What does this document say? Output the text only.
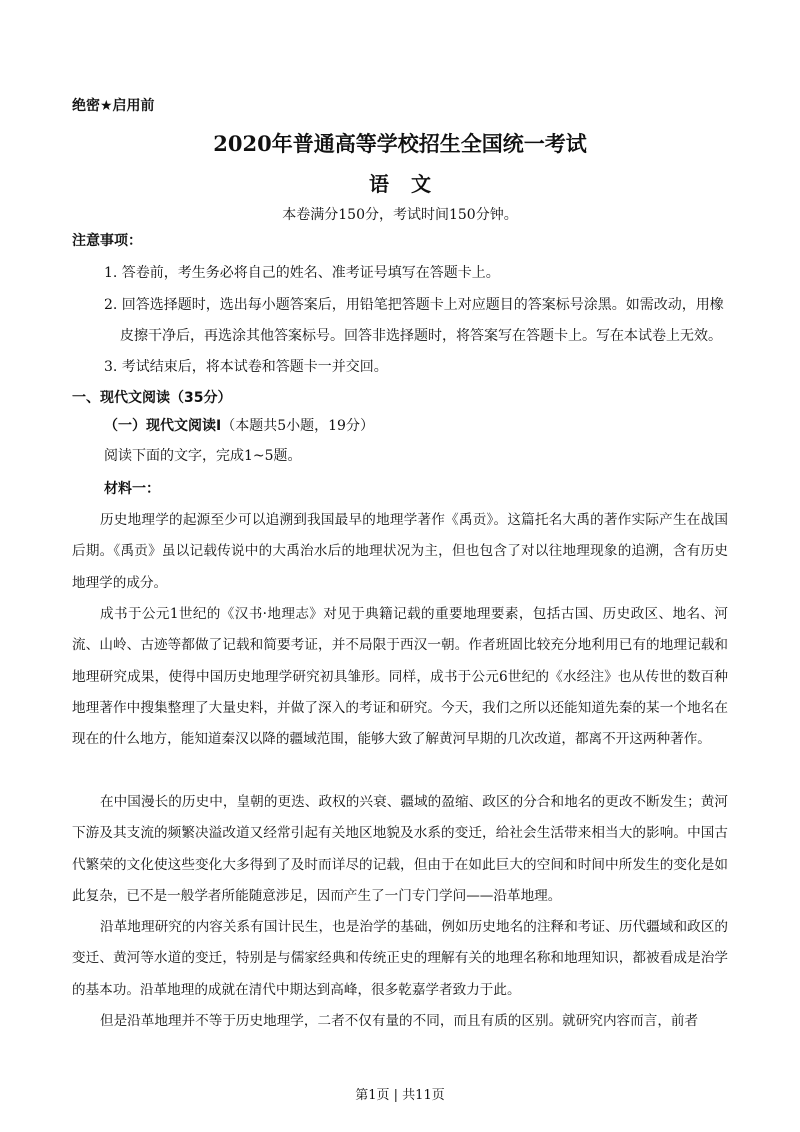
绝密★启用前
2020年普通高等学校招生全国统一考试
语文
本卷满分150分，考试时间150分钟。
注意事项：
1. 答卷前，考生务必将自己的姓名、准考证号填写在答题卡上。
2. 回答选择题时，选出每小题答案后，用铅笔把答题卡上对应题目的答案标号涂黑。如需改动，用橡
皮擦干净后，再选涂其他答案标号。回答非选择题时，将答案写在答题卡上。写在本试卷上无效。
3. 考试结束后，将本试卷和答题卡一并交回。
一、现代文阅读（35分）
（一）现代文阅读Ⅰ（本题共5小题，19分）
阅读下面的文字，完成1~5题。
材料一：

历史地理学的起源至少可以追溯到我国最早的地理学著作《禹贡》。这篇托名大禹的著作实际产生在战国后期。《禹贡》虽以记载传说中的大禹治水后的地理状况为主，但也包含了对以往地理现象的追溯，含有历史地理学的成分。

成书于公元1世纪的《汉书·地理志》对见于典籍记载的重要地理要素，包括古国、历史政区、地名、河流、山岭、古迹等都做了记载和简要考证，并不局限于西汉一朝。作者班固比较充分地利用已有的地理记载和地理研究成果，使得中国历史地理学研究初具雏形。同样，成书于公元6世纪的《水经注》也从传世的数百种地理著作中搜集整理了大量史料，并做了深入的考证和研究。今天，我们之所以还能知道先秦的某一个地名在现在的什么地方，能知道秦汉以降的疆域范围，能够大致了解黄河早期的几次改道，都离不开这两种著作。

在中国漫长的历史中，皇朝的更迭、政权的兴衰、疆域的盈缩、政区的分合和地名的更改不断发生；黄河下游及其支流的频繁决溢改道又经常引起有关地区地貌及水系的变迁，给社会生活带来相当大的影响。中国古代繁荣的文化使这些变化大多得到了及时而详尽的记载，但由于在如此巨大的空间和时间中所发生的变化是如此复杂，已不是一般学者所能随意涉足，因而产生了一门专门学问——沿革地理。

沿革地理研究的内容关系有国计民生，也是治学的基础，例如历史地名的注释和考证、历代疆域和政区的变迁、黄河等水道的变迁，特别是与儒家经典和传统正史的理解有关的地理名称和地理知识，都被看成是治学的基本功。沿革地理的成就在清代中期达到高峰，很多乾嘉学者致力于此。

但是沿革地理并不等于历史地理学，二者不仅有量的不同，而且有质的区别。就研究内容而言，前者

第1页 | 共11页
